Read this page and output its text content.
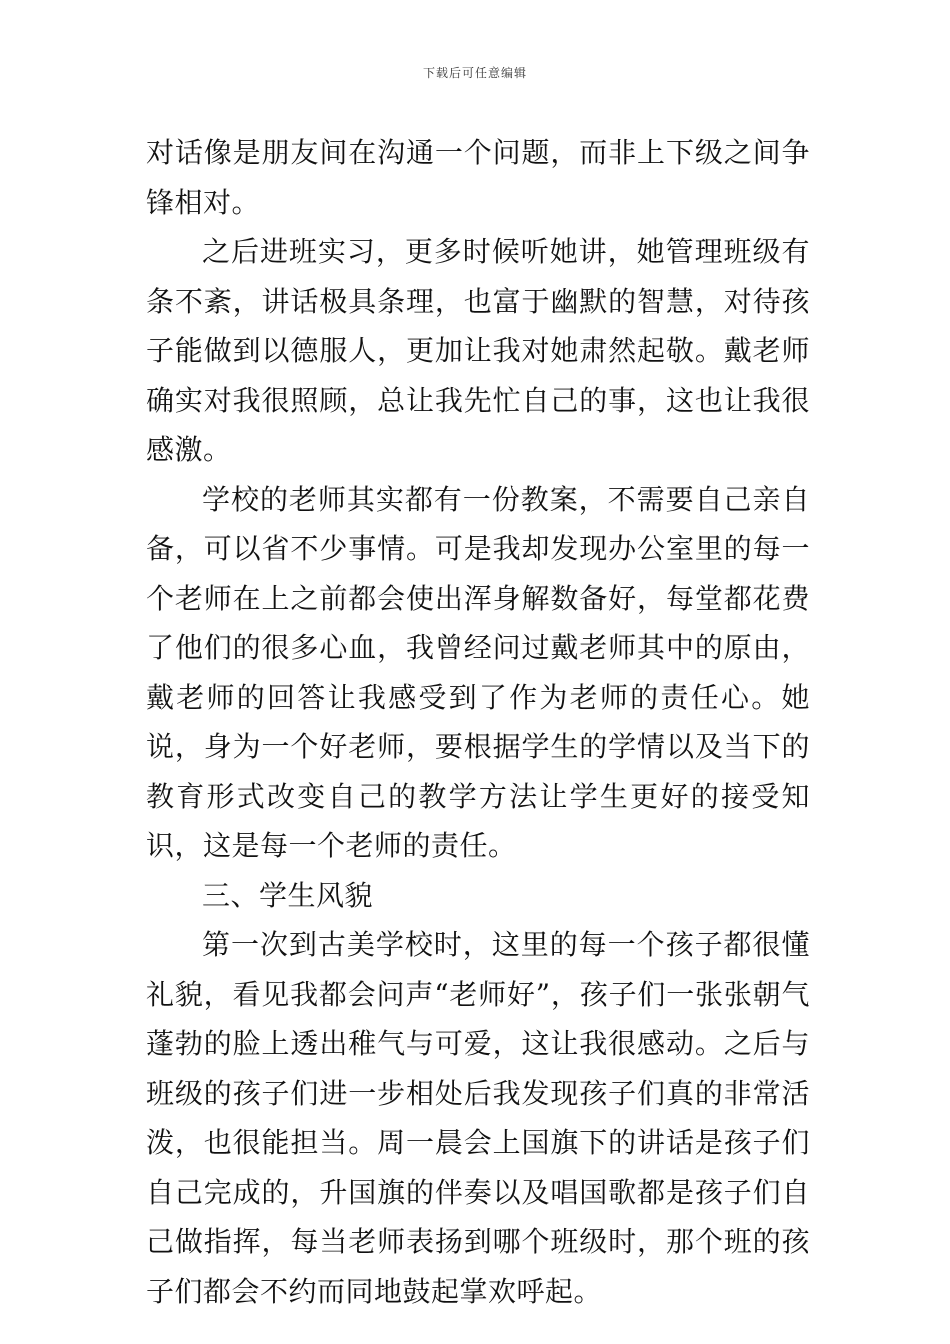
下载后可任意编辑

对话像是朋友间在沟通一个问题，而非上下级之间争锋相对。

之后进班实习，更多时候听她讲，她管理班级有条不紊，讲话极具条理，也富于幽默的智慧，对待孩子能做到以德服人，更加让我对她肃然起敬。戴老师确实对我很照顾，总让我先忙自己的事，这也让我很感激。

学校的老师其实都有一份教案，不需要自己亲自备，可以省不少事情。可是我却发现办公室里的每一个老师在上之前都会使出浑身解数备好，每堂都花费了他们的很多心血，我曾经问过戴老师其中的原由，戴老师的回答让我感受到了作为老师的责任心。她说，身为一个好老师，要根据学生的学情以及当下的教育形式改变自己的教学方法让学生更好的接受知识，这是每一个老师的责任。

三、学生风貌

第一次到古美学校时，这里的每一个孩子都很懂礼貌，看见我都会问声“老师好”，孩子们一张张朝气蓬勃的脸上透出稚气与可爱，这让我很感动。之后与班级的孩子们进一步相处后我发现孩子们真的非常活泼，也很能担当。周一晨会上国旗下的讲话是孩子们自己完成的，升国旗的伴奏以及唱国歌都是孩子们自己做指挥，每当老师表扬到哪个班级时，那个班的孩子们都会不约而同地鼓起掌欢呼起。
